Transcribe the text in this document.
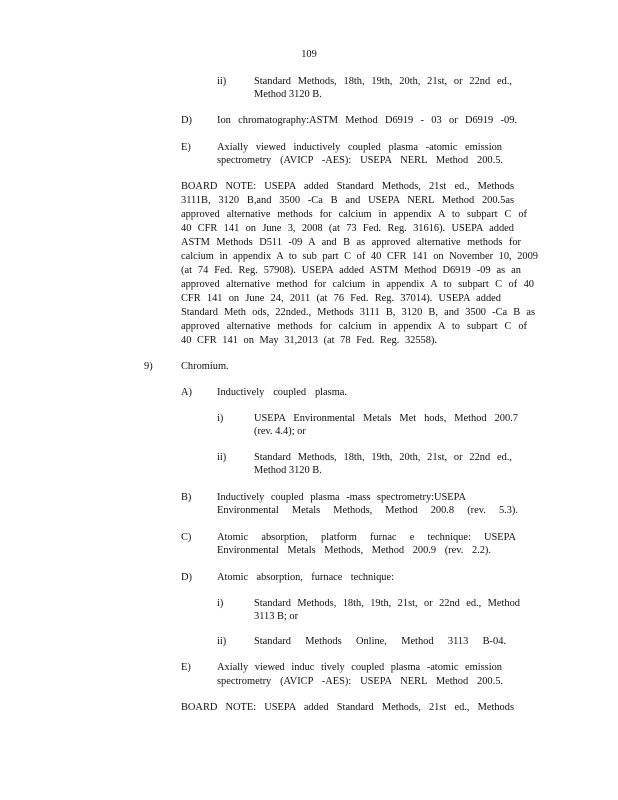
109
ii)	Standard Methods, 18th, 19th, 20th, 21st, or 22nd ed.,
Method 3120 B.
D) Ion chromatography:ASTM Method D6919 - 03 or D6919 -09.
E)	Axially viewed inductively coupled plasma -atomic emission
spectrometry (AVICP -AES): USEPA NERL Method 200.5.
BOARD NOTE: USEPA added Standard Methods, 21st ed., Methods
3111B, 3120 B,and 3500 -Ca B and USEPA NERL Method 200.5as
approved alternative methods for calcium in appendix A to subpart C of
40 CFR 141 on June 3, 2008 (at 73 Fed. Reg. 31616). USEPA added
ASTM Methods D511 -09 A and B as approved alternative methods for
calcium in appendix A to sub part C of 40 CFR 141 on November 10, 2009
(at 74 Fed. Reg. 57908). USEPA added ASTM Method D6919 -09 as an
approved alternative method for calcium in appendix A to subpart C of 40
CFR 141 on June 24, 2011 (at 76 Fed. Reg. 37014). USEPA added
Standard Meth ods, 22nded., Methods 3111 B, 3120 B, and 3500 -Ca B as
approved alternative methods for calcium in appendix A to subpart C of
40 CFR 141 on May 31,2013 (at 78 Fed. Reg. 32558).
9)	Chromium.
A) Inductively coupled plasma.
i)	USEPA Environmental Metals Met hods, Method 200.7
(rev. 4.4); or
ii)	Standard Methods, 18th, 19th, 20th, 21st, or 22nd ed.,
Method 3120 B.
B) Inductively coupled plasma -mass spectrometry:USEPA
Environmental Metals Methods, Method 200.8 (rev. 5.3).
C) Atomic absorption, platform furnac e technique: USEPA
Environmental Metals Methods, Method 200.9 (rev. 2.2).
D) Atomic absorption, furnace technique:
i)	Standard Methods, 18th, 19th, 21st, or 22nd ed., Method
3113 B; or
ii)	Standard Methods Online, Method 3113 B-04.
E)	Axially viewed induc tively coupled plasma -atomic emission
spectrometry (AVICP -AES): USEPA NERL Method 200.5.
BOARD NOTE: USEPA added Standard Methods, 21st ed., Methods
